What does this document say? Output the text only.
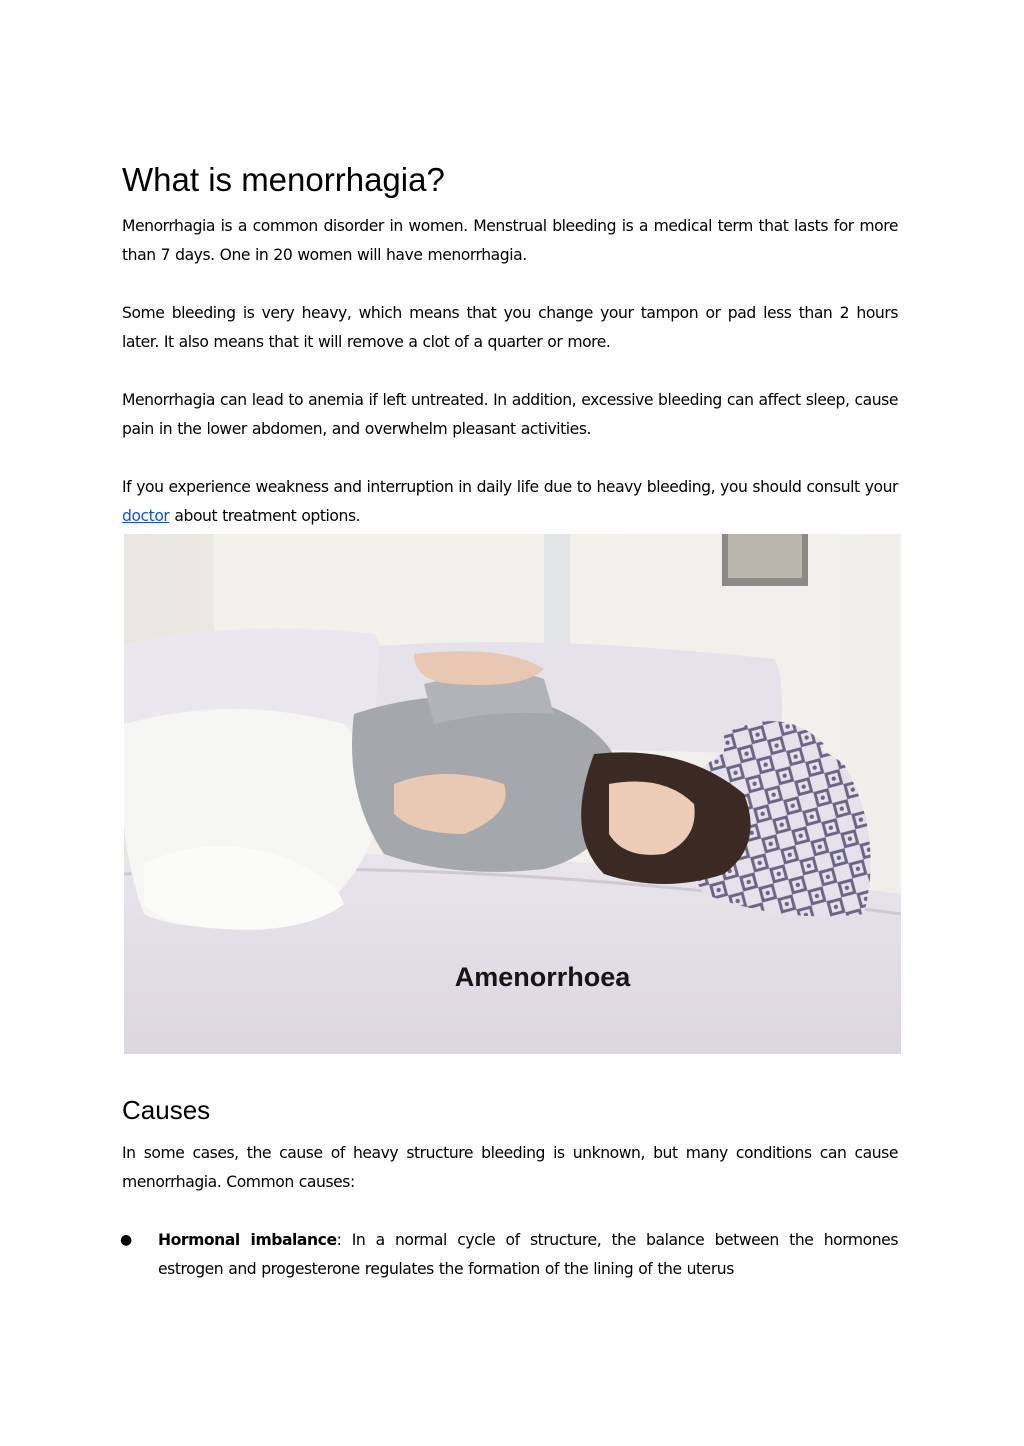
What is menorrhagia?

Menorrhagia is a common disorder in women. Menstrual bleeding is a medical term that lasts for more than 7 days. One in 20 women will have menorrhagia.

Some bleeding is very heavy, which means that you change your tampon or pad less than 2 hours later. It also means that it will remove a clot of a quarter or more.

Menorrhagia can lead to anemia if left untreated. In addition, excessive bleeding can affect sleep, cause pain in the lower abdomen, and overwhelm pleasant activities.

If you experience weakness and interruption in daily life due to heavy bleeding, you should consult your doctor about treatment options.

Amenorrhoea
Causes

In some cases, the cause of heavy structure bleeding is unknown, but many conditions can cause menorrhagia. Common causes:

● Hormonal imbalance: In a normal cycle of structure, the balance between the hormones estrogen and progesterone regulates the formation of the lining of the uterus
